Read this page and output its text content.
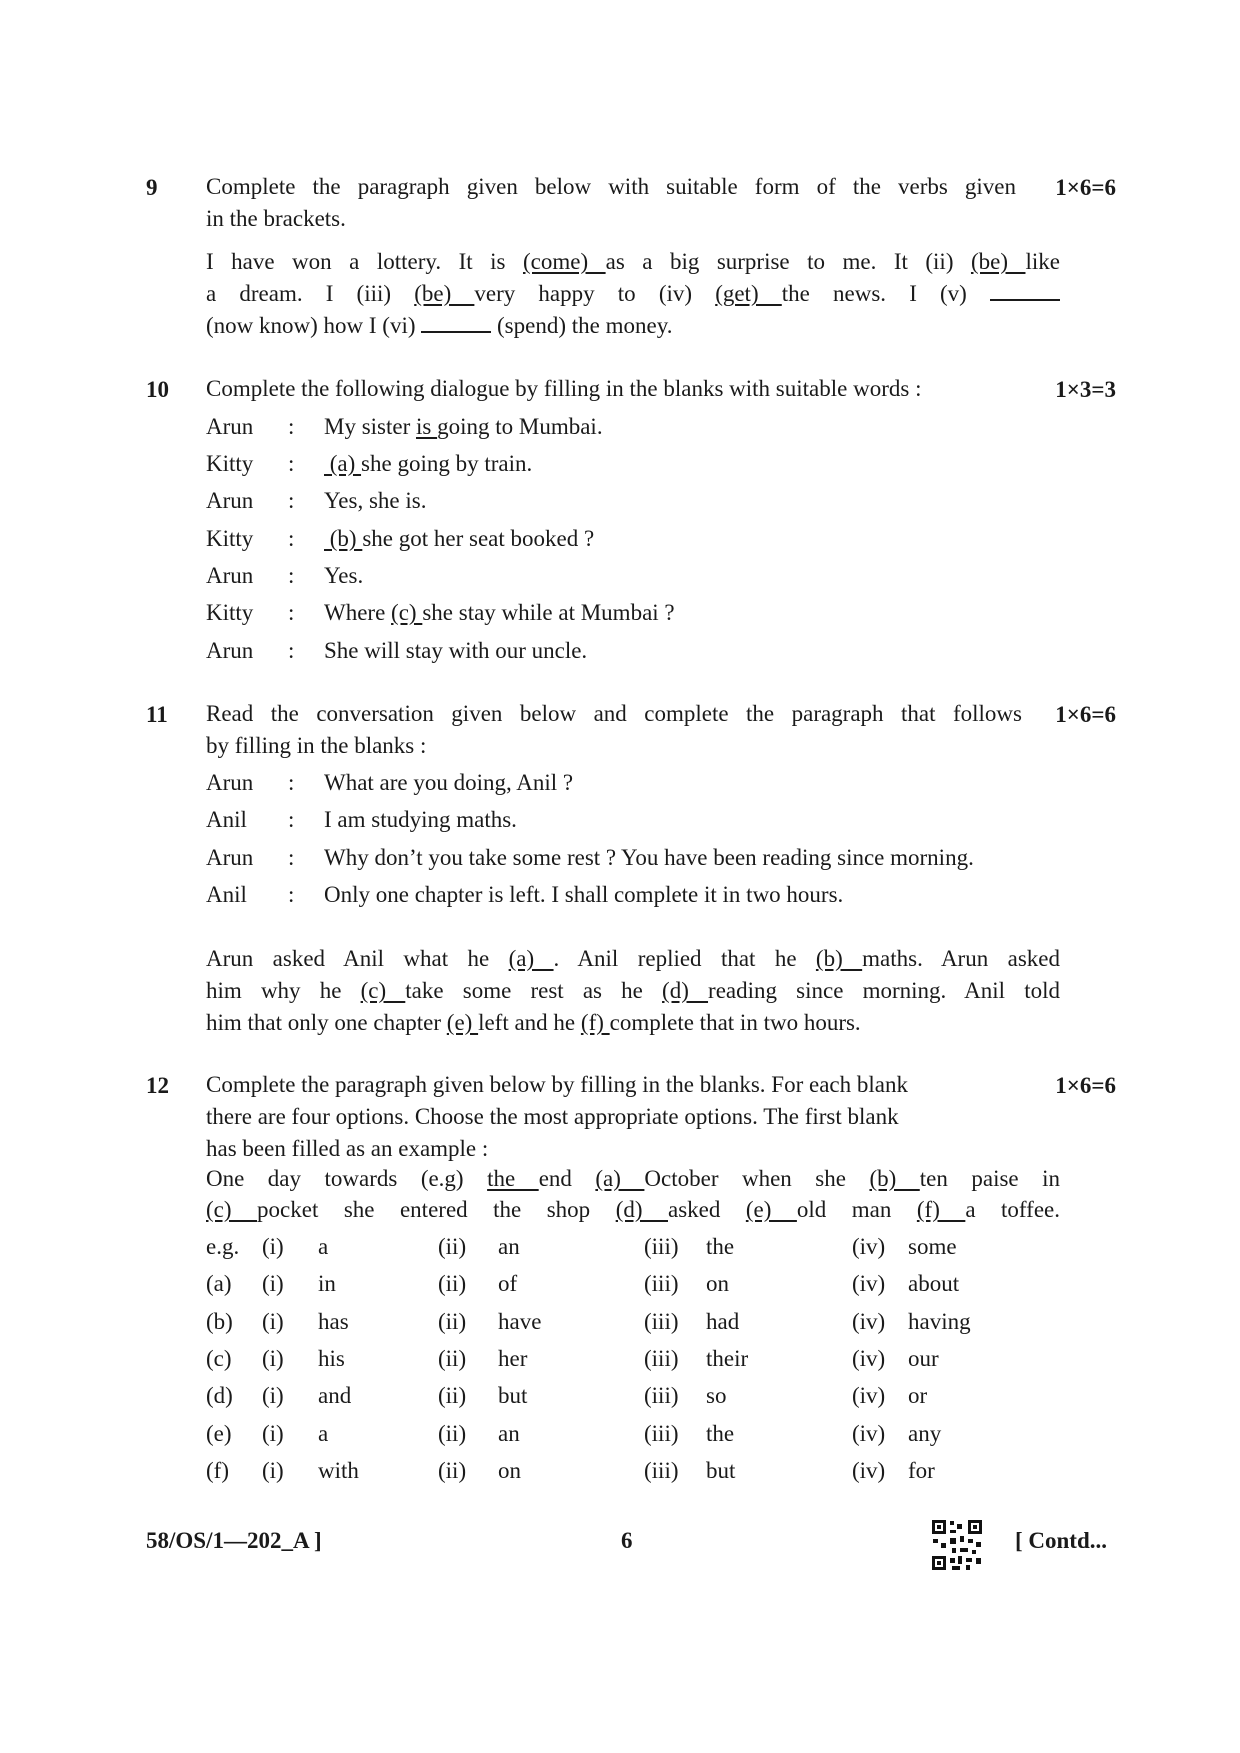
9	1×6=6
Complete the paragraph given below with suitable form of the verbs given
in the brackets.
I have won a lottery. It is (come) as a big surprise to me. It (ii) (be) like
a dream. I (iii) (be) very happy to (iv) (get) the news. I (v)
(now know) how I (vi)	(spend) the money.
10	1×3=3
Complete the following dialogue by filling in the blanks with suitable words :
Arun : My sister is going to Mumbai.
Kitty : (a) she going by train.
Arun : Yes, she is.
Kitty : (b) she got her seat booked ?
Arun : Yes.
Kitty : Where (c) she stay while at Mumbai ?
Arun : She will stay with our uncle.
11	1×6=6
Read the conversation given below and complete the paragraph that follows
by filling in the blanks :
Arun : What are you doing, Anil ?
Anil : I am studying maths.
Arun : Why don’t you take some rest ? You have been reading since morning.
Anil : Only one chapter is left. I shall complete it in two hours.
Arun asked Anil what he (a) . Anil replied that he (b) maths. Arun asked
him why he (c) take some rest as he (d) reading since morning. Anil told
him that only one chapter (e) left and he (f) complete that in two hours.
12	1×6=6
Complete the paragraph given below by filling in the blanks. For each blank
there are four options. Choose the most appropriate options. The first blank
has been filled as an example :
One day towards (e.g) the end (a) October when she (b) ten paise in
(c) pocket she entered the shop (d) asked (e) old man (f) a toffee.
e.g. (i) a	(ii) an	(iii) the	(iv) some
(a) (i) in	(ii) of	(iii) on	(iv) about
(b) (i) has	(ii) have	(iii) had	(iv) having
(c) (i) his	(ii) her	(iii) their	(iv) our
(d) (i) and	(ii) but	(iii) so	(iv) or
(e) (i) a	(ii) an	(iii) the	(iv) any
(f) (i) with	(ii) on	(iii) but	(iv) for
58/OS/1—202_A ]	6	[ Contd...
